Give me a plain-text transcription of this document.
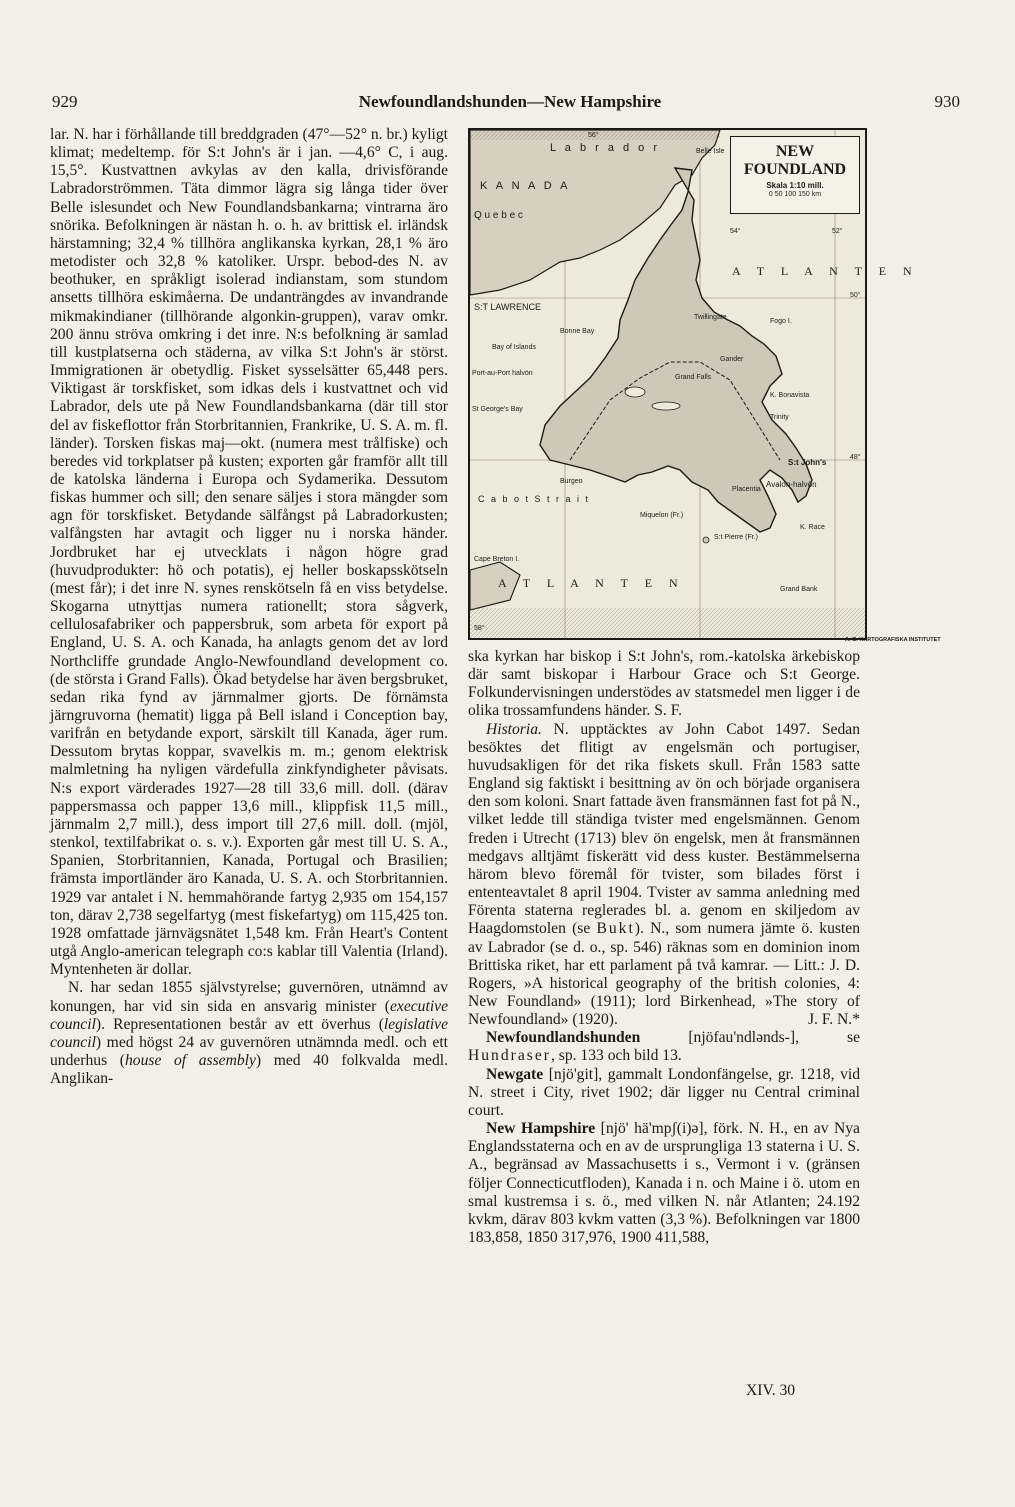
929	Newfoundlandshunden—New Hampshire	930

lar. N. har i förhållande till breddgraden (47°—52° n. br.) kyligt klimat; medeltemp. för S:t John's är i jan. —4,6° C, i aug. 15,5°. Kustvattnen avkylas av den kalla, drivisförande Labradorströmmen. Täta dimmor lägra sig långa tider över Belle islesundet och New Foundlandsbankarna; vintrarna äro snörika. Befolkningen är nästan h. o. h. av brittisk el. irländsk härstamning; 32,4 % tillhöra anglikanska kyrkan, 28,1 % äro metodister och 32,8 % katoliker. Urspr. bebod-des N. av beothuker, en språkligt isolerad indianstam, som stundom ansetts tillhöra eskimåerna. De undanträngdes av invandrande mikmakindianer (tillhörande algonkin-gruppen), varav omkr. 200 ännu ströva omkring i det inre. N:s befolkning är samlad till kustplatserna och städerna, av vilka S:t John's är störst. Immigrationen är obetydlig. Fisket sysselsätter 65,448 pers. Viktigast är torskfisket, som idkas dels i kustvattnet och vid Labrador, dels ute på New Foundlandsbankarna (där till stor del av fiskeflottor från Storbritannien, Frankrike, U. S. A. m. fl. länder). Torsken fiskas maj—okt. (numera mest trålfiske) och beredes vid torkplatser på kusten; exporten går framför allt till de katolska länderna i Europa och Sydamerika. Dessutom fiskas hummer och sill; den senare säljes i stora mängder som agn för torskfisket. Betydande sälfångst på Labradorkusten; valfångsten har avtagit och ligger nu i norska händer. Jordbruket har ej utvecklats i någon högre grad (huvudprodukter: hö och potatis), ej heller boskapsskötseln (mest får); i det inre N. synes renskötseln få en viss betydelse. Skogarna utnyttjas numera rationellt; stora sågverk, cellulosafabriker och pappersbruk, som arbeta för export på England, U. S. A. och Kanada, ha anlagts genom det av lord Northcliffe grundade Anglo-Newfoundland development co. (de största i Grand Falls). Ökad betydelse har även bergsbruket, sedan rika fynd av järnmalmer gjorts. De förnämsta järngruvorna (hematit) ligga på Bell island i Conception bay, varifrån en betydande export, särskilt till Kanada, äger rum. Dessutom brytas koppar, svavelkis m. m.; genom elektrisk malmletning ha nyligen värdefulla zinkfyndigheter påvisats. N:s export värderades 1927—28 till 33,6 mill. doll. (därav pappersmassa och papper 13,6 mill., klippfisk 11,5 mill., järnmalm 2,7 mill.), dess import till 27,6 mill. doll. (mjöl, stenkol, textilfabrikat o. s. v.). Exporten går mest till U. S. A., Spanien, Storbritannien, Kanada, Portugal och Brasilien; främsta importländer äro Kanada, U. S. A. och Storbritannien. 1929 var antalet i N. hemmahörande fartyg 2,935 om 154,157 ton, därav 2,738 segelfartyg (mest fiskefartyg) om 115,425 ton. 1928 omfattade järnvägsnätet 1,548 km. Från Heart's Content utgå Anglo-american telegraph co:s kablar till Valentia (Irland). Myntenheten är dollar.

N. har sedan 1855 självstyrelse; guvernören, utnämnd av konungen, har vid sin sida en ansvarig minister (executive council). Representationen består av ett överhus (legislative council) med högst 24 av guvernören utnämnda medl. och ett underhus (house of assembly) med 40 folkvalda medl. Anglikan-

NEW
FOUNDLAND
Skala 1:10 mill.
0 50 100 150 km
L a b r a d o r
K A N A D A
Q u e b e c
A T L A N T E N
A T L A N T E N
S:T LAWRENCE
C a b o t S t r a i t
S:t John's
Grand Falls
Avalon-halvön
Belle Isle
Bonne Bay
Bay of Islands
St George's Bay
Burgeo
Fogo I.
K. Race
Cape Breton I.
S:t Pierre (Fr.)
Miquelon (Fr.)
Port-au-Port halvön
Grand Bank
Gander
Twillingate
K. Bonavista
Trinity
Placentia
56°
54°	52°
50°
48°
58°
A.-B. KARTOGRAFISKA INSTITUTET

ska kyrkan har biskop i S:t John's, rom.-katolska ärkebiskop där samt biskopar i Harbour Grace och S:t George. Folkundervisningen understödes av statsmedel men ligger i de olika trossamfundens händer. S. F.

Historia. N. upptäcktes av John Cabot 1497. Sedan besöktes det flitigt av engelsmän och portugiser, huvudsakligen för det rika fiskets skull. Från 1583 satte England sig faktiskt i besittning av ön och började organisera den som koloni. Snart fattade även fransmännen fast fot på N., vilket ledde till ständiga tvister med engelsmännen. Genom freden i Utrecht (1713) blev ön engelsk, men åt fransmännen medgavs alltjämt fiskerätt vid dess kuster. Bestämmelserna härom blevo föremål för tvister, som bilades först i ententeavtalet 8 april 1904. Tvister av samma anledning med Förenta staterna reglerades bl. a. genom en skiljedom av Haagdomstolen (se Bukt). N., som numera jämte ö. kusten av Labrador (se d. o., sp. 546) räknas som en dominion inom Brittiska riket, har ett parlament på två kamrar. — Litt.: J. D. Rogers, »A historical geography of the british colonies, 4: New Foundland» (1911); lord Birkenhead, »The story of Newfoundland» (1920).	J. F. N.*

Newfoundlandshunden [njöfau'ndlənds-], se Hundraser, sp. 133 och bild 13.

Newgate [njö'git], gammalt Londonfängelse, gr. 1218, vid N. street i City, rivet 1902; där ligger nu Central criminal court.

New Hampshire [njö' hä'mpʃ(i)ə], förk. N. H., en av Nya Englandsstaterna och en av de ursprungliga 13 staterna i U. S. A., begränsad av Massachusetts i s., Vermont i v. (gränsen följer Connecticutfloden), Kanada i n. och Maine i ö. utom en smal kustremsa i s. ö., med vilken N. når Atlanten; 24.192 kvkm, därav 803 kvkm vatten (3,3 %). Befolkningen var 1800 183,858, 1850 317,976, 1900 411,588,

XIV. 30
